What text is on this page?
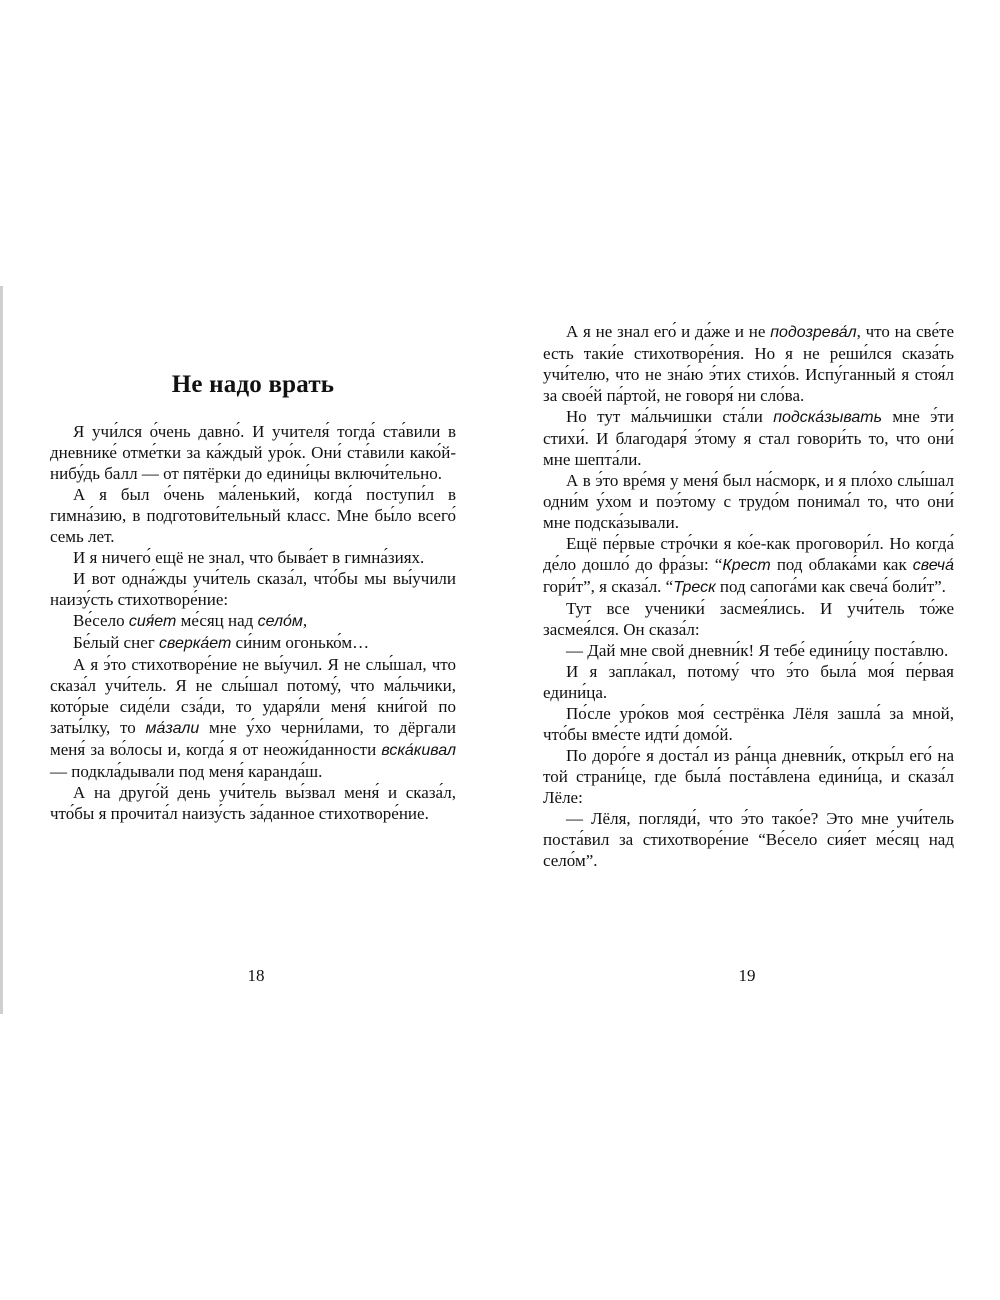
Не надо врать

Я учи́лся о́чень давно́. И учителя́ тогда́ ста́вили в дневнике́ отме́тки за ка́ждый уро́к. Они́ ста́вили како́й-нибу́дь балл — от пятёрки до едини́цы включи́тельно.

А я был о́чень ма́ленький, когда́ поступи́л в гимна́зию, в подготови́тельный класс. Мне бы́ло всего́ семь лет.

И я ничего́ ещё не знал, что быва́ет в гимна́зиях.

И вот одна́жды учи́тель сказа́л, что́бы мы вы́учили наизу́сть стихотворе́ние:

Ве́село сия́ет ме́сяц над село́м,

Бе́лый снег сверка́ет си́ним огонько́м…

А я э́то стихотворе́ние не вы́учил. Я не слы́шал, что сказа́л учи́тель. Я не слы́шал потому́, что ма́льчики, кото́рые сиде́ли сза́ди, то ударя́ли меня́ кни́гой по заты́лку, то ма́зали мне у́хо черни́лами, то дёргали меня́ за во́лосы и, когда́ я от неожи́данности вска́кивал — подкла́дывали под меня́ каранда́ш.

А на друго́й день учи́тель вы́звал меня́ и сказа́л, что́бы я прочита́л наизу́сть за́данное стихотворе́ние.

А я не знал его́ и да́же и не подозрева́л, что на све́те есть таки́е стихотворе́ния. Но я не реши́лся сказа́ть учи́телю, что не зна́ю э́тих стихо́в. Испу́ганный я стоя́л за свое́й па́ртой, не говоря́ ни сло́ва.

Но тут ма́льчишки ста́ли подска́зывать мне э́ти стихи́. И благодаря́ э́тому я стал говори́ть то, что они́ мне шепта́ли.

А в э́то вре́мя у меня́ был на́сморк, и я пло́хо слы́шал одни́м у́хом и поэ́тому с трудо́м понима́л то, что они́ мне подска́зывали.

Ещё пе́рвые стро́чки я ко́е-как проговори́л. Но когда́ де́ло дошло́ до фра́зы: “Крест под облака́ми как свеча́ гори́т”, я сказа́л. “Треск под сапога́ми как свеча́ боли́т”.

Тут все ученики́ засмея́лись. И учи́тель то́же засмея́лся. Он сказа́л:

— Дай мне свой дневни́к! Я тебе́ едини́цу поста́влю.

И я запла́кал, потому́ что э́то была́ моя́ пе́рвая едини́ца.

По́сле уро́ков моя́ сестрёнка Лёля зашла́ за мной, что́бы вме́сте идти́ домо́й.

По доро́ге я доста́л из ра́нца дневни́к, откры́л его́ на той страни́це, где была́ поста́влена едини́ца, и сказа́л Лёле:

— Лёля, погляди́, что э́то тако́е? Это мне учи́тель поста́вил за стихотворе́ние “Ве́село сия́ет ме́сяц над село́м”.

18	19
